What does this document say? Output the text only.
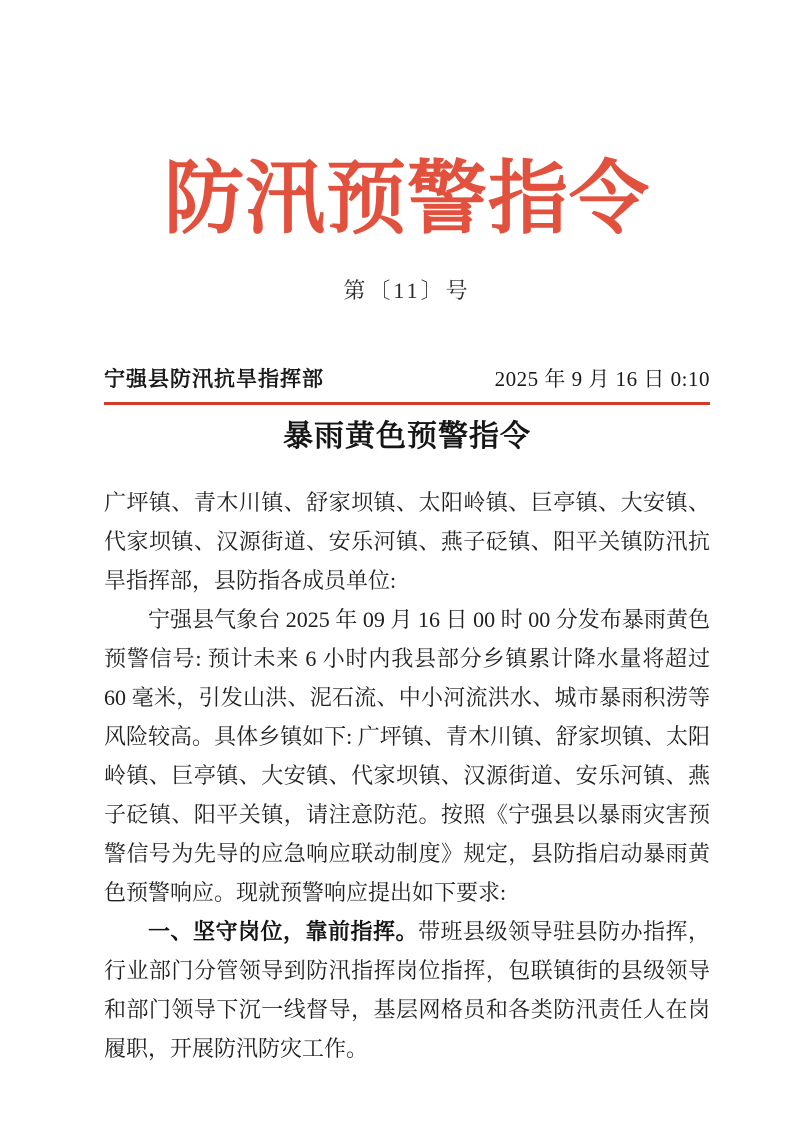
防汛预警指令
第〔11〕号
宁强县防汛抗旱指挥部	2025 年 9 月 16 日 0:10
暴雨黄色预警指令

广坪镇、青木川镇、舒家坝镇、太阳岭镇、巨亭镇、大安镇、代家坝镇、汉源街道、安乐河镇、燕子砭镇、阳平关镇防汛抗旱指挥部，县防指各成员单位:

宁强县气象台 2025 年 09 月 16 日 00 时 00 分发布暴雨黄色预警信号: 预计未来 6 小时内我县部分乡镇累计降水量将超过 60 毫米，引发山洪、泥石流、中小河流洪水、城市暴雨积涝等风险较高。具体乡镇如下: 广坪镇、青木川镇、舒家坝镇、太阳岭镇、巨亭镇、大安镇、代家坝镇、汉源街道、安乐河镇、燕子砭镇、阳平关镇，请注意防范。按照《宁强县以暴雨灾害预警信号为先导的应急响应联动制度》规定，县防指启动暴雨黄色预警响应。现就预警响应提出如下要求:

一、坚守岗位，靠前指挥。带班县级领导驻县防办指挥，行业部门分管领导到防汛指挥岗位指挥，包联镇街的县级领导和部门领导下沉一线督导，基层网格员和各类防汛责任人在岗履职，开展防汛防灾工作。
